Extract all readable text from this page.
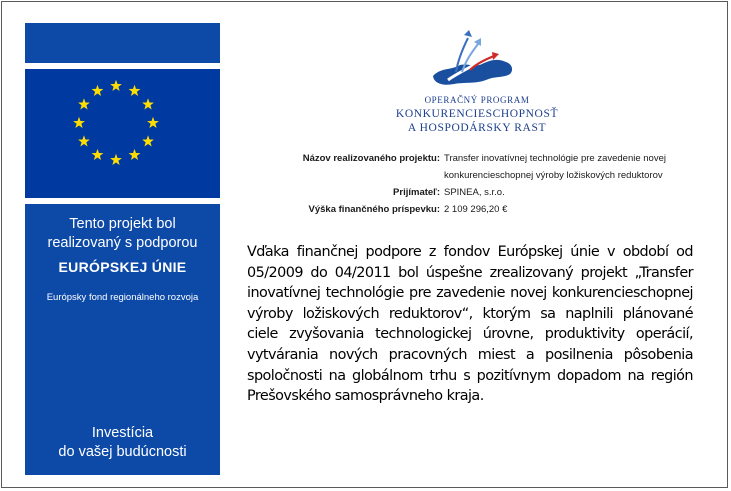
Tento projekt bol
realizovaný s podporou
EURÓPSKEJ ÚNIE
Európsky fond regionálneho rozvoja
Investícia
do vašej budúcnosti
OPERAČNÝ PROGRAM
KONKURENCIESCHOPNOSŤ
A HOSPODÁRSKY RAST
Názov realizovaného projektu: Transfer inovatívnej technológie pre zavedenie novej
konkurencieschopnej výroby ložiskových reduktorov
Prijímateľ: SPINEA, s.r.o.
Výška finančného príspevku: 2 109 296,20 €
Vďaka finančnej podpore z fondov Európskej únie v období od 05/2009 do 04/2011 bol úspešne zrealizovaný projekt „Transfer inovatívnej technológie pre zavedenie novej konkurencieschopnej výroby ložiskových reduktorov“, ktorým sa naplnili plánované ciele zvyšovania technologickej úrovne, produktivity operácií, vytvárania nových pracovných miest a posilnenia pôsobenia spoločnosti na globálnom trhu s pozitívnym dopadom na región Prešovského samosprávneho kraja.
